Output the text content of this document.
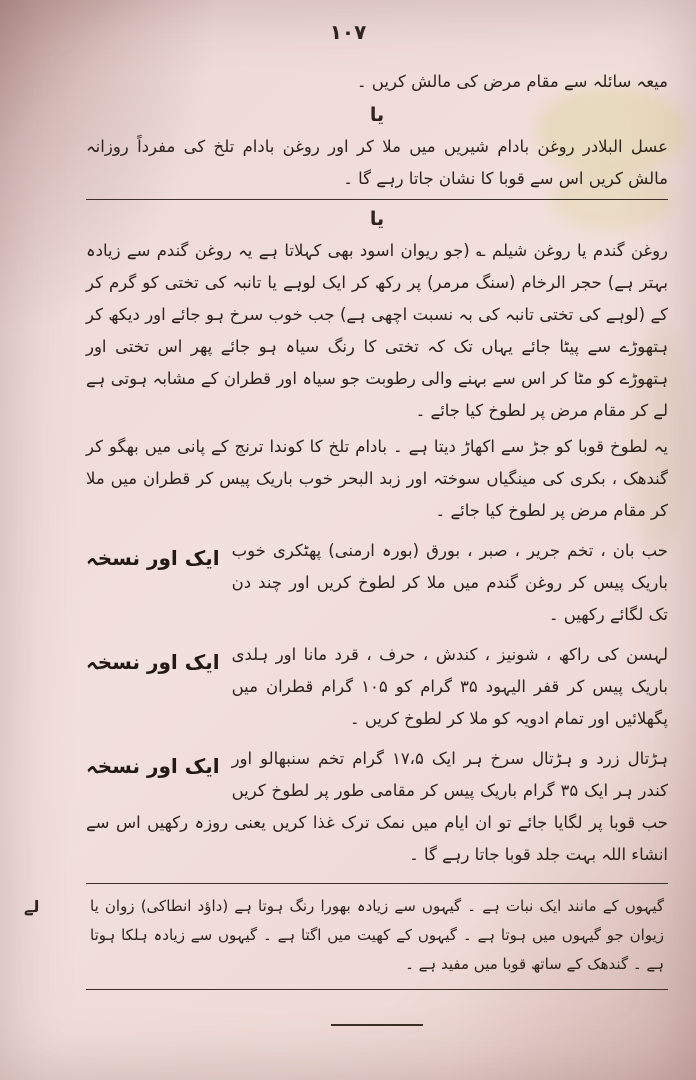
۱۰۷

میعہ سائلہ سے مقام مرض کی مالش کریں ۔

یا

عسل البلادر روغن بادام شیریں میں ملا کر اور روغن بادام تلخ کی مفرداً روزانہ مالش کریں اس سے قوبا کا نشان جاتا رہے گا ۔

یا

روغن گندم یا روغن شیلم ؎ (جو ریوان اسود بھی کہلاتا ہے یہ روغن گندم سے زیادہ بہتر ہے) حجر الرخام (سنگ مرمر) پر رکھ کر ایک لوہے یا تانبہ کی تختی کو گرم کر کے (لوہے کی تختی تانبہ کی بہ نسبت اچھی ہے) جب خوب سرخ ہو جائے اور دیکھ کر ہتھوڑے سے پیٹا جائے یہاں تک کہ تختی کا رنگ سیاہ ہو جائے پھر اس تختی اور ہتھوڑے کو مٹا کر اس سے بہنے والی رطوبت جو سیاہ اور قطران کے مشابہ ہوتی ہے لے کر مقام مرض پر لطوخ کیا جائے ۔

یہ لطوخ قوبا کو جڑ سے اکھاڑ دیتا ہے ۔ بادام تلخ کا کوندا ترنج کے پانی میں بھگو کر گندھک ، بکری کی مینگیاں سوختہ اور زبد البحر خوب باریک پیس کر قطران میں ملا کر مقام مرض پر لطوخ کیا جائے ۔

ایک اور نسخہ حب بان ، تخم جریر ، صبر ، بورق (بورہ ارمنی) پھٹکری خوب باریک پیس کر روغن گندم میں ملا کر لطوخ کریں اور چند دن تک لگائے رکھیں ۔
ایک اور نسخہ لہسن کی راکھ ، شونیز ، کندش ، حرف ، قرد مانا اور ہلدی باریک پیس کر قفر الیہود ۳۵ گرام کو ۱۰۵ گرام قطران میں پگھلائیں اور تمام ادویہ کو ملا کر لطوخ کریں ۔
ایک اور نسخہ ہڑتال زرد و ہڑتال سرخ ہر ایک ۱۷،۵ گرام تخم سنبھالو اور کندر ہر ایک ۳۵ گرام باریک پیس کر مقامی طور پر لطوخ کریں حب قوبا پر لگایا جائے تو ان ایام میں نمک ترک غذا کریں یعنی روزہ رکھیں اس سے انشاء اللہ بہت جلد قوبا جاتا رہے گا ۔
لے	گیہوں کے مانند ایک نبات ہے ۔ گیہوں سے زیادہ بھورا رنگ ہوتا ہے (داؤد انطاکی) زوان یا زیوان جو گیہوں میں ہوتا ہے ۔ گیہوں کے کھیت میں اگتا ہے ۔ گیہوں سے زیادہ ہلکا ہوتا ہے ۔ گندھک کے ساتھ قوبا میں مفید ہے ۔
